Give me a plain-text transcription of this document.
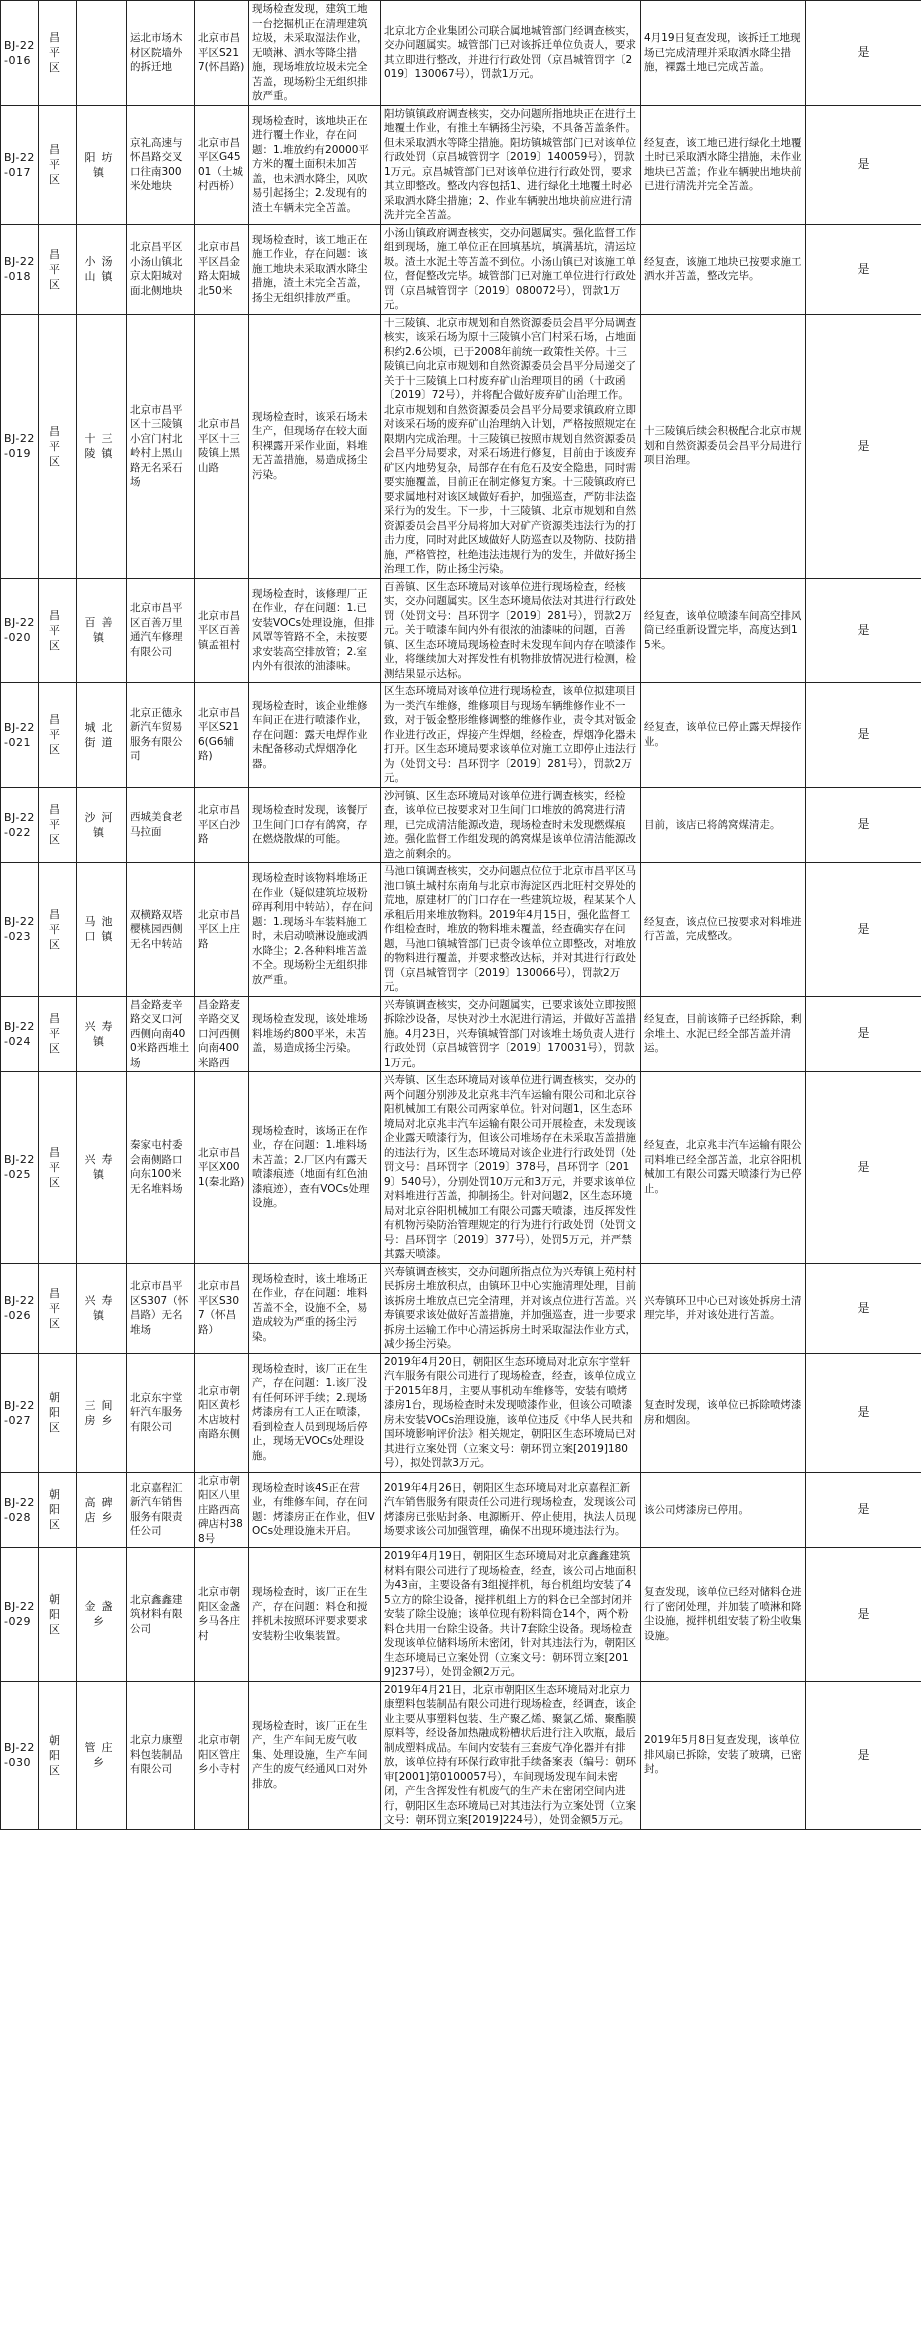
BJ-22-016	昌平区		运北市场木材区院墙外的拆迁地	北京市昌平区S217(怀昌路)	现场检查发现，建筑工地一台挖掘机正在清理建筑垃圾，未采取湿法作业，无喷淋、洒水等降尘措施，现场堆放垃圾未完全苫盖，现场粉尘无组织排放严重。	北京北方企业集团公司联合属地城管部门经调查核实，交办问题属实。城管部门已对该拆迁单位负责人，要求其立即进行整改，并进行行政处罚（京昌城管罚字〔2019〕130067号），罚款1万元。	4月19日复查发现，该拆迁工地现场已完成清理并采取洒水降尘措施，裸露土地已完成苫盖。	是
BJ-22-017	昌平区	阳坊镇	京礼高速与怀昌路交叉口往南300米处地块	北京市昌平区G4501（土城村西桥）	现场检查时，该地块正在进行覆土作业，存在问题：1.堆放约有20000平方米的覆土面积未加苫盖，也未洒水降尘，风吹易引起扬尘；2.发现有的渣土车辆未完全苫盖。	阳坊镇镇政府调查核实，交办问题所指地块正在进行土地覆土作业，有推土车辆扬尘污染，不具备苫盖条件。但未采取洒水等降尘措施。阳坊镇城管部门已对该单位行政处罚（京昌城管罚字〔2019〕140059号），罚款1万元。京昌城管部门已对该单位进行行政处罚，要求其立即整改。整改内容包括1、进行绿化土地覆土时必采取洒水降尘措施；2、作业车辆驶出地块前应进行清洗并完全苫盖。	经复查，该工地已进行绿化土地覆土时已采取洒水降尘措施，未作业地块已苫盖；作业车辆驶出地块前已进行清洗并完全苫盖。	是
BJ-22-018	昌平区	小汤山镇	北京昌平区小汤山镇北京太阳城对面北侧地块	北京市昌平区昌金路太阳城北50米	现场检查时，该工地正在施工作业，存在问题：该施工地块未采取洒水降尘措施，渣土未完全苫盖，扬尘无组织排放严重。	小汤山镇政府调查核实，交办问题属实。强化监督工作组到现场，施工单位正在回填基坑，填满基坑，清运垃圾。渣土水泥土等苫盖不到位。小汤山镇已对该施工单位，督促整改完毕。城管部门已对施工单位进行行政处罚（京昌城管罚字〔2019〕080072号），罚款1万元。	经复查，该施工地块已按要求施工洒水并苫盖，整改完毕。	是
BJ-22-019	昌平区	十三陵镇	北京市昌平区十三陵镇小宫门村北岭村上黑山路无名采石场	北京市昌平区十三陵镇上黑山路	现场检查时，该采石场未生产，但现场存在较大面积裸露开采作业面，料堆无苫盖措施，易造成扬尘污染。	十三陵镇、北京市规划和自然资源委员会昌平分局调查核实，该采石场为原十三陵镇小宫门村采石场，占地面积约2.6公顷，已于2008年前统一政策性关停。十三陵镇已向北京市规划和自然资源委员会昌平分局递交了关于十三陵镇上口村废弃矿山治理项目的函（十政函〔2019〕72号），并将配合做好废弃矿山治理工作。北京市规划和自然资源委员会昌平分局要求镇政府立即对该采石场的废弃矿山治理纳入计划，严格按照规定在限期内完成治理。十三陵镇已按照市规划自然资源委员会昌平分局要求，对采石场进行修复，目前由于该废弃矿区内地势复杂，局部存在有危石及安全隐患，同时需要实施覆盖，目前正在制定修复方案。十三陵镇政府已要求属地村对该区域做好看护，加强巡查，严防非法盗采行为的发生。下一步，十三陵镇、北京市规划和自然资源委员会昌平分局将加大对矿产资源类违法行为的打击力度，同时对此区域做好人防巡查以及物防、技防措施，严格管控，杜绝违法违规行为的发生，并做好扬尘治理工作，防止扬尘污染。	十三陵镇后续会积极配合北京市规划和自然资源委员会昌平分局进行项目治理。	是
BJ-22-020	昌平区	百善镇	北京市昌平区百善万里通汽车修理有限公司	北京市昌平区百善镇孟祖村	现场检查时，该修理厂正在作业，存在问题：1.已安装VOCs处理设施，但排风罩等管路不全，未按要求安装高空排放管；2.室内外有很浓的油漆味。	百善镇、区生态环境局对该单位进行现场检查，经核实，交办问题属实。区生态环境局依法对其进行行政处罚（处罚文号：昌环罚字〔2019〕281号），罚款2万元。关于喷漆车间内外有很浓的油漆味的问题，百善镇、区生态环境局现场检查时未发现车间内存在喷漆作业，将继续加大对挥发性有机物排放情况进行检测，检测结果显示达标。	经复查，该单位喷漆车间高空排风筒已经重新设置完毕，高度达到15米。	是
BJ-22-021	昌平区	城北街道	北京正德永新汽车贸易服务有限公司	北京市昌平区S216(G6辅路)	现场检查时，该企业维修车间正在进行喷漆作业，存在问题：露天电焊作业未配备移动式焊烟净化器。	区生态环境局对该单位进行现场检查，该单位拟建项目为一类汽车维修，维修项目与现场车辆维修作业不一致，对于钣金整形维修调整的维修作业，责令其对钣金作业进行改正，焊接产生焊烟，经检查，焊烟净化器未打开。区生态环境局要求该单位对施工立即停止违法行为（处罚文号：昌环罚字〔2019〕281号），罚款2万元。	经复查，该单位已停止露天焊接作业。	是
BJ-22-022	昌平区	沙河镇	西城美食老马拉面	北京市昌平区白沙路	现场检查时发现，该餐厅卫生间门口存有鸽窝，存在燃烧散煤的可能。	沙河镇、区生态环境局对该单位进行调查核实，经检查，该单位已按要求对卫生间门口堆放的鸽窝进行清理，已完成清洁能源改造，现场检查时未发现燃煤痕迹。强化监督工作组发现的鸽窝煤是该单位清洁能源改造之前剩余的。	目前，该店已将鸽窝煤清走。	是
BJ-22-023	昌平区	马池口镇	双横路双塔樱桃园西侧无名中转站	北京市昌平区上庄路	现场检查时该物料堆场正在作业（疑似建筑垃圾粉碎再利用中转站），存在问题：1.现场斗车装料施工时，未启动喷淋设施或洒水降尘；2.各种料堆苫盖不全。现场粉尘无组织排放严重。	马池口镇调查核实，交办问题点位位于北京市昌平区马池口镇土城村东南角与北京市海淀区西北旺村交界处的荒地，原建材厂的门口存在一些建筑垃圾，程某某个人承租后用来堆放物料。2019年4月15日，强化监督工作组检查时，堆放的物料堆未覆盖，经查确实存在问题，马池口镇城管部门已责令该单位立即整改，对堆放的物料进行覆盖，并要求整改达标，并对其进行行政处罚（京昌城管罚字〔2019〕130066号），罚款2万元。	经复查，该点位已按要求对料堆进行苫盖，完成整改。	是
BJ-22-024	昌平区	兴寿镇	昌金路麦辛路交叉口河西侧向南400米路西堆土场	昌金路麦辛路交叉口河西侧向南400米路西	现场检查发现，该处堆场料堆场约800平米，未苫盖，易造成扬尘污染。	兴寿镇调查核实，交办问题属实，已要求该处立即按照拆除沙设备，尽快对沙土水泥进行清运，并做好苫盖措施。4月23日，兴寿镇城管部门对该堆土场负责人进行行政处罚（京昌城管罚字〔2019〕170031号），罚款1万元。	经复查，目前该筛子已经拆除，剩余堆土、水泥已经全部苫盖并清运。	是
BJ-22-025	昌平区	兴寿镇	秦家屯村委会南侧路口向东100米无名堆料场	北京市昌平区X001(秦北路)	现场检查时，该场正在作业，存在问题：1.堆料场未苫盖；2.厂区内有露天喷漆痕迹（地面有红色油漆痕迹），查有VOCs处理设施。	兴寿镇、区生态环境局对该单位进行调查核实，交办的两个问题分别涉及北京兆丰汽车运输有限公司和北京谷阳机械加工有限公司两家单位。针对问题1，区生态环境局对北京兆丰汽车运输有限公司开展检查，未发现该企业露天喷漆行为，但该公司堆场存在未采取苫盖措施的违法行为，区生态环境局对该企业进行行政处罚（处罚文号：昌环罚字〔2019〕378号，昌环罚字〔2019〕540号），分别处罚10万元和3万元，并要求该单位对料堆进行苫盖，抑制扬尘。针对问题2，区生态环境局对北京谷阳机械加工有限公司露天喷漆，违反挥发性有机物污染防治管理规定的行为进行行政处罚（处罚文号：昌环罚字〔2019〕377号），处罚5万元，并严禁其露天喷漆。	经复查，北京兆丰汽车运输有限公司料堆已经全部苫盖，北京谷阳机械加工有限公司露天喷漆行为已停止。	是
BJ-22-026	昌平区	兴寿镇	北京市昌平区S307（怀昌路）无名堆场	北京市昌平区S307（怀昌路）	现场检查时，该土堆场正在作业，存在问题：堆料苫盖不全，设施不全，易造成较为严重的扬尘污染。	兴寿镇调查核实，交办问题所指点位为兴寿镇上苑村村民拆房土堆放积点，由镇环卫中心实施清理处理，目前该拆房土堆放点已完全清理，并对该点位进行苫盖。兴寿镇要求该处做好苫盖措施，并加强巡查，进一步要求拆房土运输工作中心清运拆房土时采取湿法作业方式，减少扬尘污染。	兴寿镇环卫中心已对该处拆房土清理完毕，并对该处进行苫盖。	是
BJ-22-027	朝阳区	三间房乡	北京东宇堂轩汽车服务有限公司	北京市朝阳区黄杉木店坡村南路东侧	现场检查时，该厂正在生产，存在问题：1.该厂没有任何环评手续；2.现场烤漆房有工人正在喷漆，看到检查人员到现场后停止，现场无VOCs处理设施。	2019年4月20日，朝阳区生态环境局对北京东宇堂轩汽车服务有限公司进行了现场检查，经查，该单位成立于2015年8月，主要从事机动车维修等，安装有喷烤漆房1台，现场检查时未发现喷漆作业，但该公司喷漆房未安装VOCs治理设施，该单位违反《中华人民共和国环境影响评价法》相关规定，朝阳区生态环境局已对其进行立案处罚（立案文号：朝环罚立案[2019]180号），拟处罚款3万元。	复查时发现，该单位已拆除喷烤漆房和烟囱。	是
BJ-22-028	朝阳区	高碑店乡	北京嘉程汇新汽车销售服务有限责任公司	北京市朝阳区八里庄路西高碑店村388号	现场检查时该4S正在营业，有维修车间，存在问题：烤漆房正在作业，但VOCs处理设施未开启。	2019年4月26日，朝阳区生态环境局对北京嘉程汇新汽车销售服务有限责任公司进行现场检查，发现该公司烤漆房已张贴封条、电源断开、停止使用，执法人员现场要求该公司加强管理，确保不出现环境违法行为。	该公司烤漆房已停用。	是
BJ-22-029	朝阳区	金盏乡	北京鑫鑫建筑材料有限公司	北京市朝阳区金盏乡马各庄村	现场检查时，该厂正在生产，存在问题：料仓和搅拌机未按照环评要求要求安装粉尘收集装置。	2019年4月19日，朝阳区生态环境局对北京鑫鑫建筑材料有限公司进行了现场检查，经查，该公司占地面积为43亩，主要设备有3组搅拌机，每台机组均安装了45立方的除尘设备，搅拌机组上方的料仓已全部封闭并安装了除尘设施；该单位现有粉料筒仓14个，两个粉料仓共用一台除尘设备。共计7套除尘设备。现场检查发现该单位储料场所未密闭，针对其违法行为，朝阳区生态环境局已立案处罚（立案文号：朝环罚立案[2019]237号），处罚金额2万元。	复查发现，该单位已经对储料仓进行了密闭处理，并加装了喷淋和降尘设施，搅拌机组安装了粉尘收集设施。	是
BJ-22-030	朝阳区	管庄乡	北京力康塑料包装制品有限公司	北京市朝阳区管庄乡小寺村	现场检查时，该厂正在生产，生产车间无废气收集、处理设施，生产车间产生的废气经通风口对外排放。	2019年4月21日，北京市朝阳区生态环境局对北京力康塑料包装制品有限公司进行现场检查，经调查，该企业主要从事塑料包装、生产聚乙烯、聚氯乙烯、聚酯膜原料等，经设备加热融成粉槽状后进行注入吹瓶，最后制成塑料成品。车间内安装有三套废气净化器并有排放，该单位持有环保行政审批手续备案表（编号：朝环审[2001]第0100057号），车间现场发现车间未密闭，产生含挥发性有机废气的生产未在密闭空间内进行，朝阳区生态环境局已对其违法行为立案处罚（立案文号：朝环罚立案[2019]224号），处罚金额5万元。	2019年5月8日复查发现，该单位排风扇已拆除，安装了玻璃，已密封。	是
